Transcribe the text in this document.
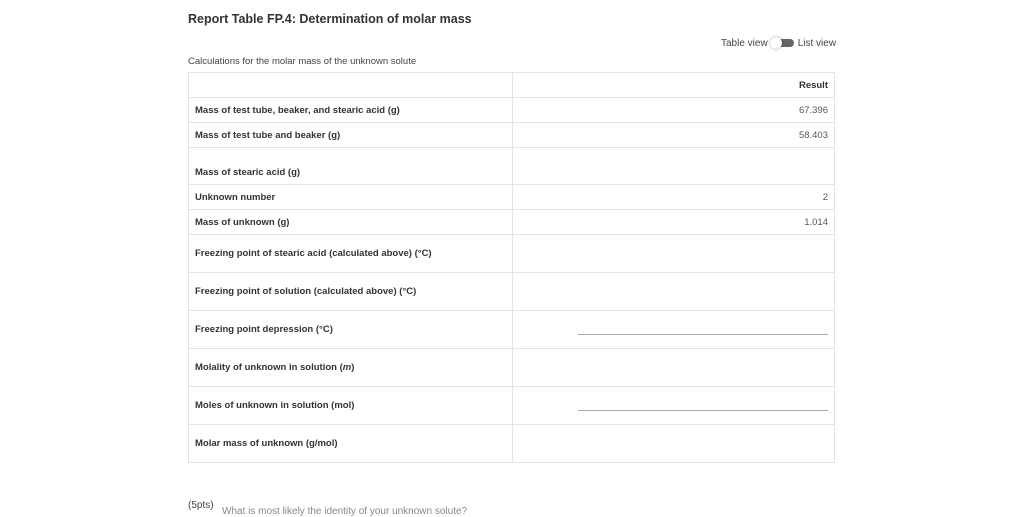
Report Table FP.4: Determination of molar mass
Table view	List view
Calculations for the molar mass of the unknown solute
	Result
Mass of test tube, beaker, and stearic acid (g)	67.396
Mass of test tube and beaker (g)	58.403
Mass of stearic acid (g)	
Unknown number	2
Mass of unknown (g)	1.014
Freezing point of stearic acid (calculated above) (°C)	
Freezing point of solution (calculated above) (°C)	
Freezing point depression (°C)	
Molality of unknown in solution (m)	
Moles of unknown in solution (mol)	
Molar mass of unknown (g/mol)	
(5pts)
What is most likely the identity of your unknown solute?
